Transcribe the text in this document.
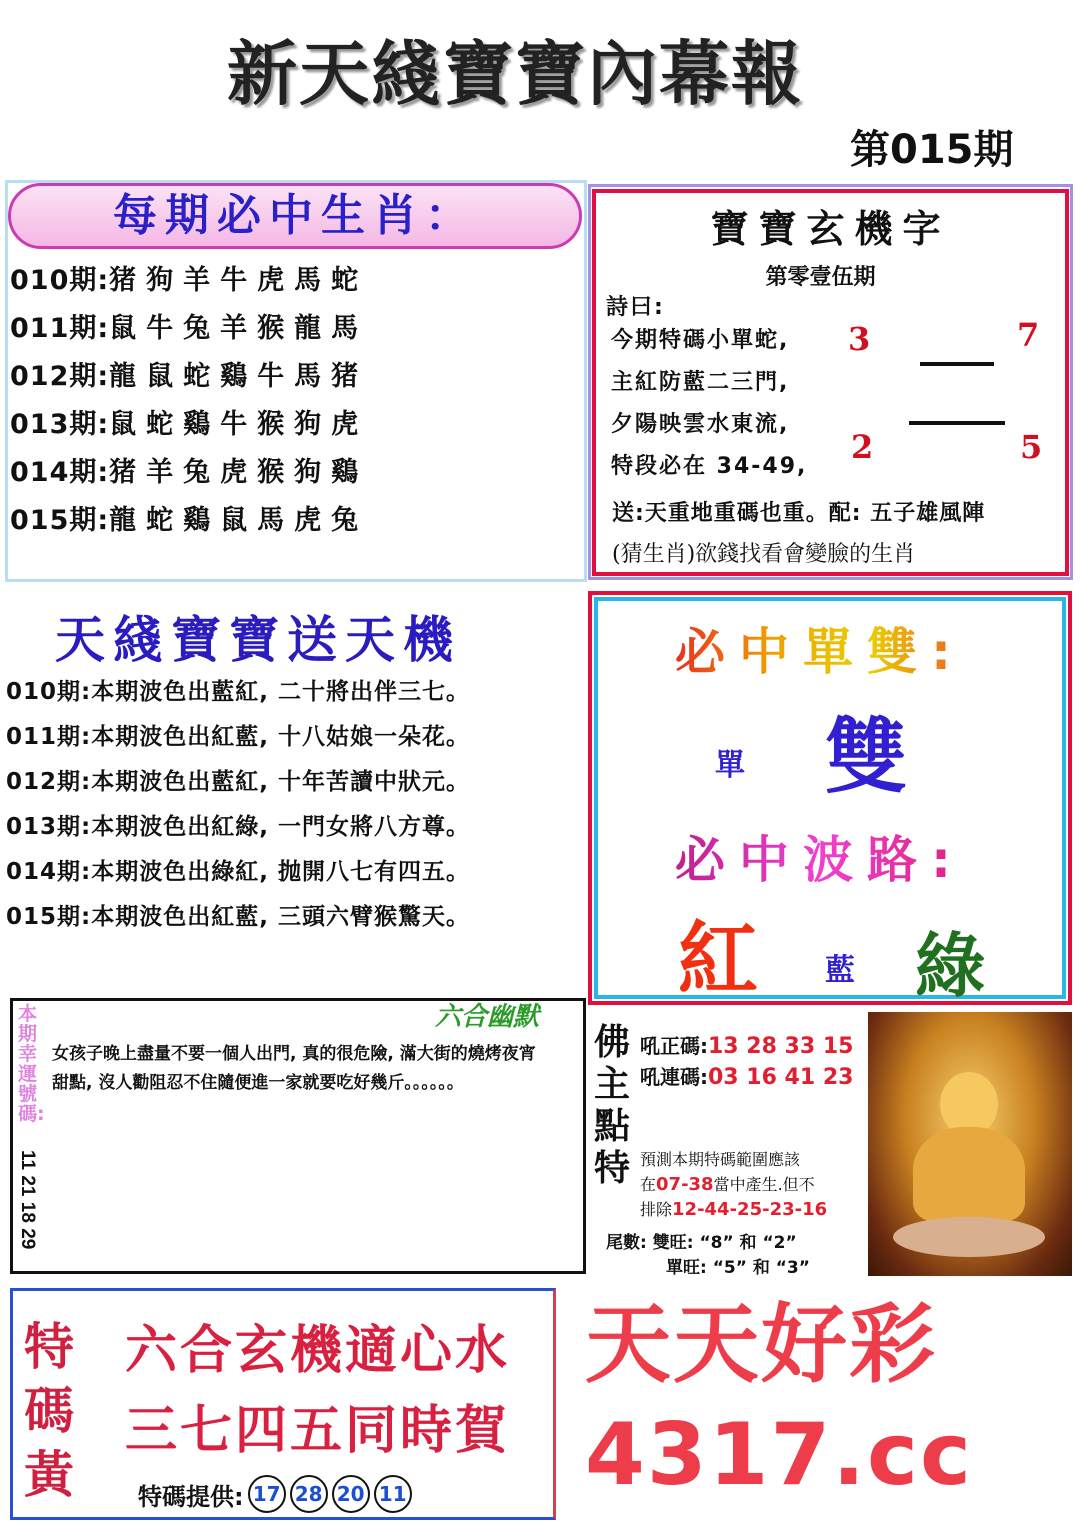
新天綫寶寶內幕報
第015期
每期必中生肖：
010期:猪狗羊牛虎馬蛇
011期:鼠牛兔羊猴龍馬
012期:龍鼠蛇鷄牛馬猪
013期:鼠蛇鷄牛猴狗虎
014期:猪羊兔虎猴狗鷄
015期:龍蛇鷄鼠馬虎兔
寶寶玄機字
第零壹伍期
詩曰:
今期特碼小單蛇,
主紅防藍二三門,
夕陽映雲水東流,
特段必在 34-49,
3	7
2	5
送:天重地重碼也重。配: 五子雄風陣
(猜生肖)欲錢找看會變臉的生肖
天綫寶寶送天機
010期:本期波色出藍紅, 二十將出伴三七。
011期:本期波色出紅藍, 十八姑娘一朵花。
012期:本期波色出藍紅, 十年苦讀中狀元。
013期:本期波色出紅綠, 一門女將八方尊。
014期:本期波色出綠紅, 抛開八七有四五。
015期:本期波色出紅藍, 三頭六臂猴驚天。
必中單雙:
單 雙
必中波路:
紅 藍 綠
本期幸運號碼:
11 21 18 29
六合幽默
女孩子晚上盡量不要一個人出門, 真的很危險, 滿大街的燒烤夜宵甜點, 沒人勸阻忍不住隨便進一家就要吃好幾斤。。。。。。
佛主點特
吼正碼:13 28 33 15
吼連碼:03 16 41 23
預測本期特碼範圍應該
在07-38當中產生.但不
排除12-44-25-23-16
尾數: 雙旺: “8” 和 “2”
單旺: “5” 和 “3”
特碼黃
六合玄機適心水
三七四五同時賀
特碼提供: 17 28 20 11
天天好彩 4317.cc
